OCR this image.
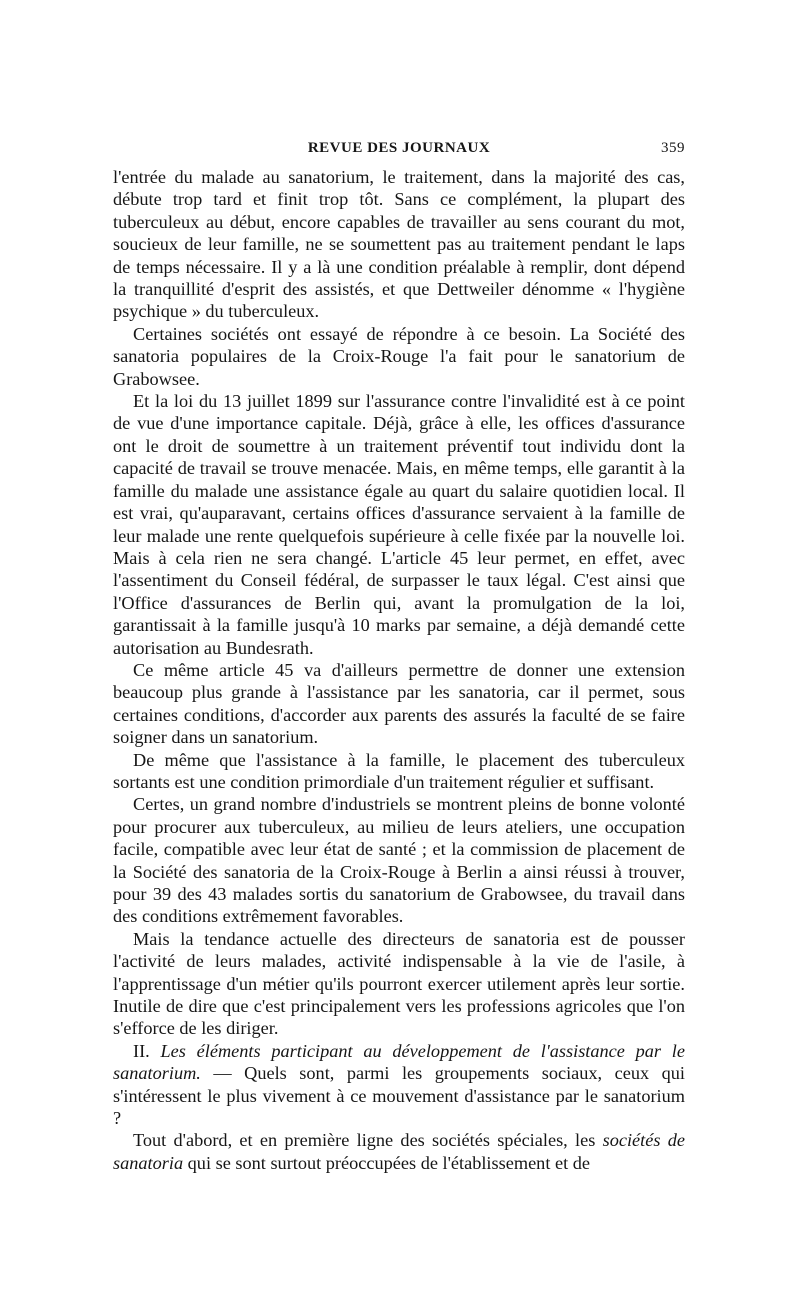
REVUE DES JOURNAUX	359

l'entrée du malade au sanatorium, le traitement, dans la majorité des cas, débute trop tard et finit trop tôt. Sans ce complément, la plupart des tuberculeux au début, encore capables de travailler au sens courant du mot, soucieux de leur famille, ne se soumettent pas au traitement pendant le laps de temps nécessaire. Il y a là une condition préalable à remplir, dont dépend la tranquillité d'esprit des assistés, et que Dettweiler dénomme « l'hygiène psychique » du tuberculeux.

Certaines sociétés ont essayé de répondre à ce besoin. La Société des sanatoria populaires de la Croix-Rouge l'a fait pour le sanatorium de Grabowsee.

Et la loi du 13 juillet 1899 sur l'assurance contre l'invalidité est à ce point de vue d'une importance capitale. Déjà, grâce à elle, les offices d'assurance ont le droit de soumettre à un traitement préventif tout individu dont la capacité de travail se trouve menacée. Mais, en même temps, elle garantit à la famille du malade une assistance égale au quart du salaire quotidien local. Il est vrai, qu'auparavant, certains offices d'assurance servaient à la famille de leur malade une rente quelquefois supérieure à celle fixée par la nouvelle loi. Mais à cela rien ne sera changé. L'article 45 leur permet, en effet, avec l'assentiment du Conseil fédéral, de surpasser le taux légal. C'est ainsi que l'Office d'assurances de Berlin qui, avant la promulgation de la loi, garantissait à la famille jusqu'à 10 marks par semaine, a déjà demandé cette autorisation au Bundesrath.

Ce même article 45 va d'ailleurs permettre de donner une extension beaucoup plus grande à l'assistance par les sanatoria, car il permet, sous certaines conditions, d'accorder aux parents des assurés la faculté de se faire soigner dans un sanatorium.

De même que l'assistance à la famille, le placement des tuberculeux sortants est une condition primordiale d'un traitement régulier et suffisant.

Certes, un grand nombre d'industriels se montrent pleins de bonne volonté pour procurer aux tuberculeux, au milieu de leurs ateliers, une occupation facile, compatible avec leur état de santé ; et la commission de placement de la Société des sanatoria de la Croix-Rouge à Berlin a ainsi réussi à trouver, pour 39 des 43 malades sortis du sanatorium de Grabowsee, du travail dans des conditions extrêmement favorables.

Mais la tendance actuelle des directeurs de sanatoria est de pousser l'activité de leurs malades, activité indispensable à la vie de l'asile, à l'apprentissage d'un métier qu'ils pourront exercer utilement après leur sortie. Inutile de dire que c'est principalement vers les professions agricoles que l'on s'efforce de les diriger.

II. Les éléments participant au développement de l'assistance par le sanatorium. — Quels sont, parmi les groupements sociaux, ceux qui s'intéressent le plus vivement à ce mouvement d'assistance par le sanatorium ?

Tout d'abord, et en première ligne des sociétés spéciales, les sociétés de sanatoria qui se sont surtout préoccupées de l'établissement et de
